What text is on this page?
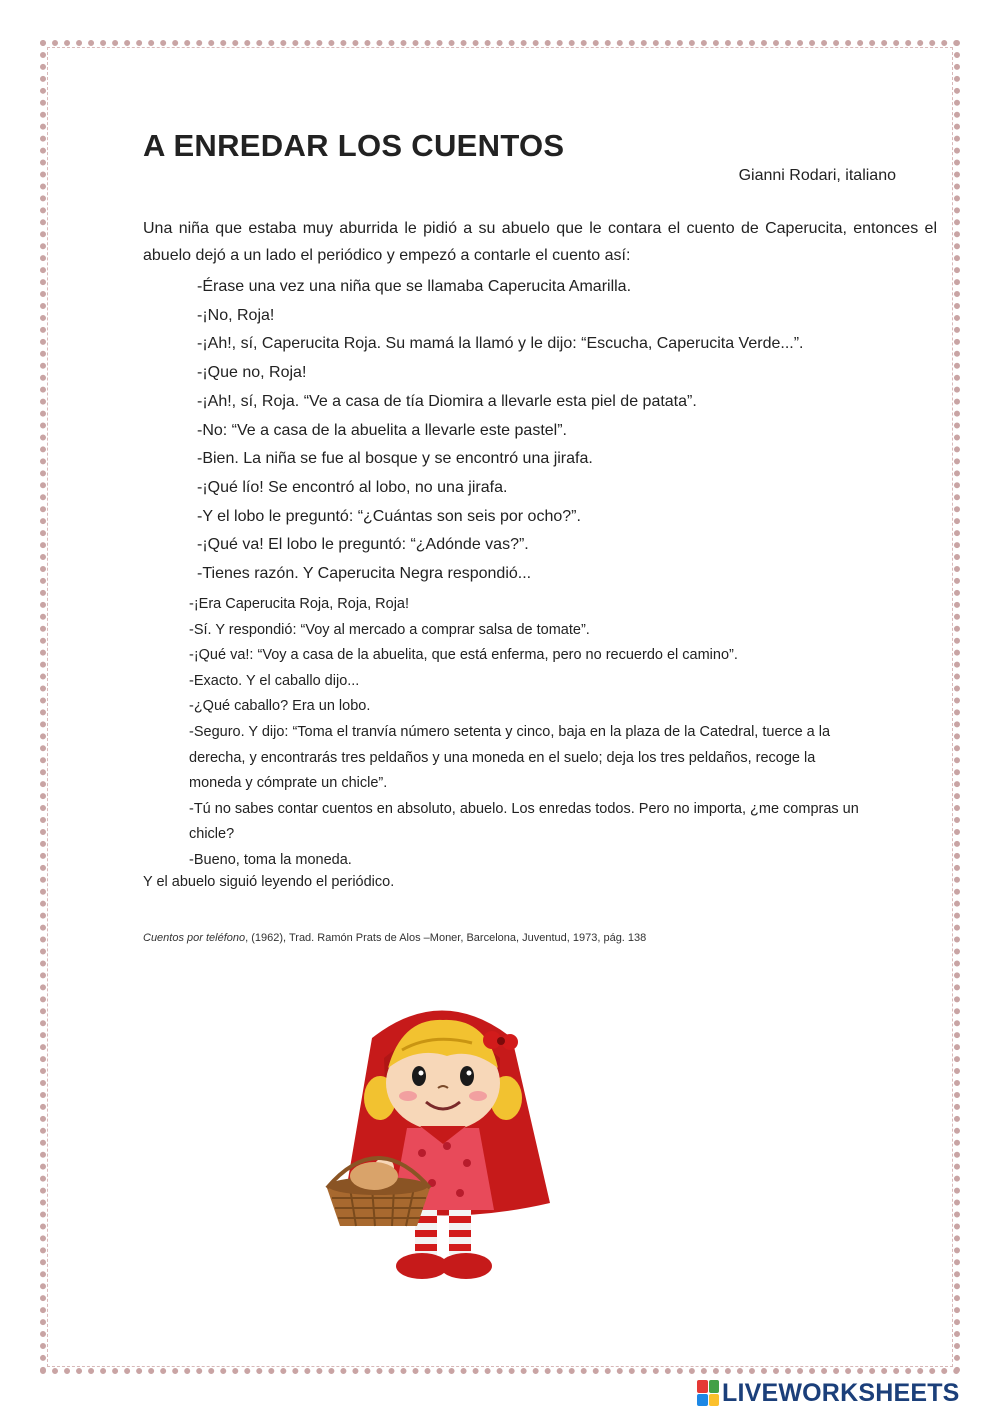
A ENREDAR LOS CUENTOS
Gianni Rodari, italiano
Una niña que estaba muy aburrida le pidió a su abuelo que le contara el cuento de Caperucita, entonces el abuelo dejó a un lado el periódico y empezó a contarle el cuento así:
-Érase una vez una niña que se llamaba Caperucita Amarilla.
-¡No, Roja!
-¡Ah!, sí, Caperucita Roja. Su mamá la llamó y le dijo: “Escucha, Caperucita Verde...”.
-¡Que no, Roja!
-¡Ah!, sí, Roja. “Ve a casa de tía Diomira a llevarle esta piel de patata”.
-No: “Ve a casa de la abuelita a llevarle este pastel”.
-Bien. La niña se fue al bosque y se encontró una jirafa.
-¡Qué lío! Se encontró al lobo, no una jirafa.
-Y el lobo le preguntó: “¿Cuántas son seis por ocho?”.
-¡Qué va! El lobo le preguntó: “¿Adónde vas?”.
-Tienes razón. Y Caperucita Negra respondió...
-¡Era Caperucita Roja, Roja, Roja!
-Sí. Y respondió: “Voy al mercado a comprar salsa de tomate”.
-¡Qué va!: “Voy a casa de la abuelita, que está enferma, pero no recuerdo el camino”.
-Exacto. Y el caballo dijo...
-¿Qué caballo? Era un lobo.
-Seguro. Y dijo: “Toma el tranvía número setenta y cinco, baja en la plaza de la Catedral, tuerce a la derecha, y encontrarás tres peldaños y una moneda en el suelo; deja los tres peldaños, recoge la moneda y cómprate un chicle”.
-Tú no sabes contar cuentos en absoluto, abuelo. Los enredas todos. Pero no importa, ¿me compras un chicle?
-Bueno, toma la moneda.
Y el abuelo siguió leyendo el periódico.
Cuentos por teléfono, (1962), Trad. Ramón Prats de Alos –Moner, Barcelona, Juventud, 1973, pág. 138
LIVEWORKSHEETS
